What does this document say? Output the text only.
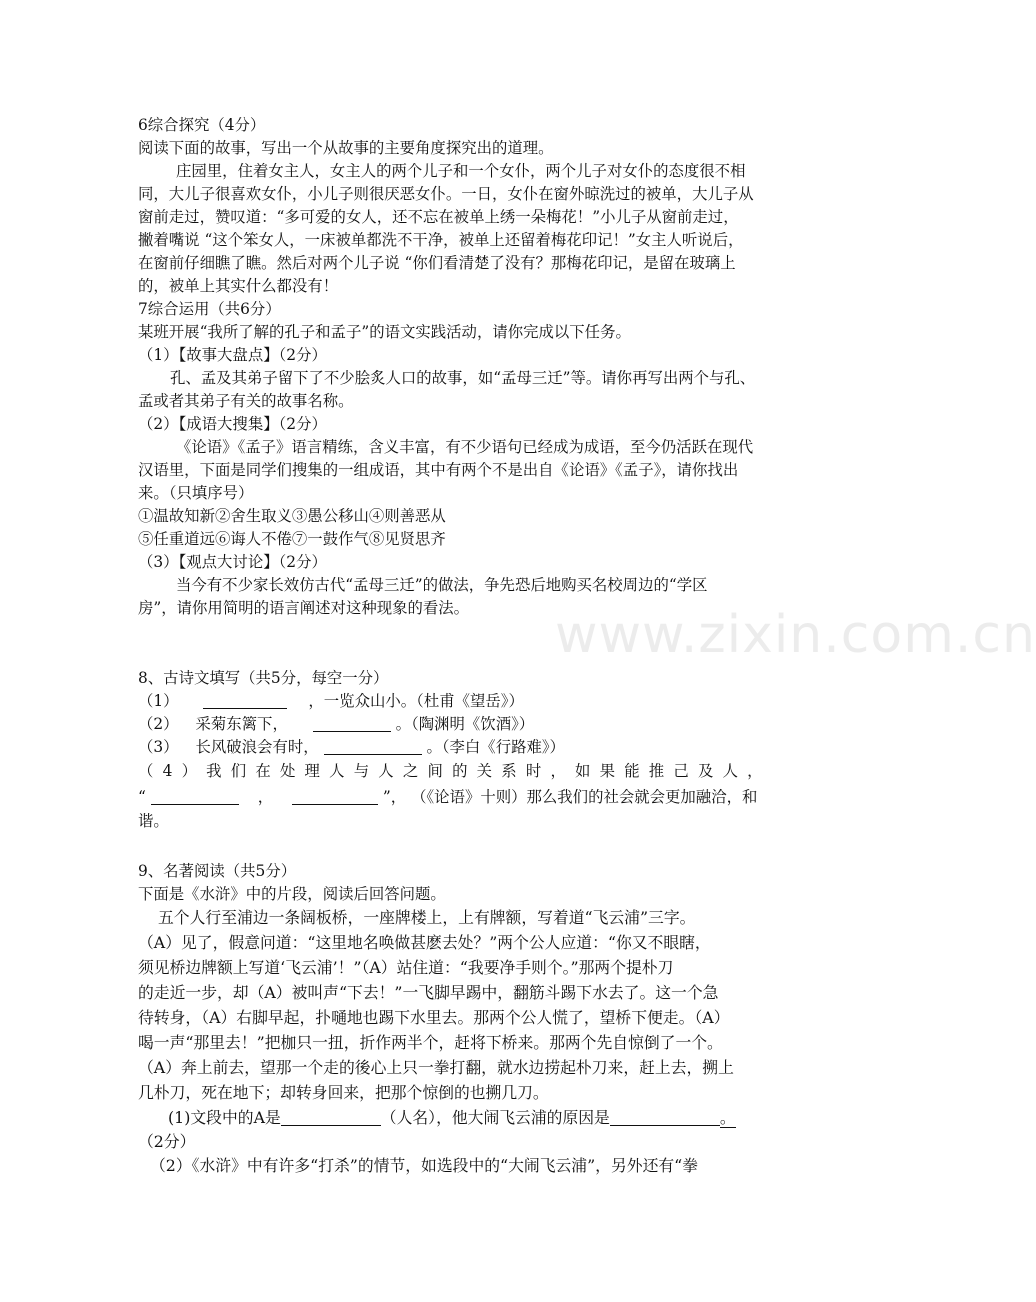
www.zixin.com.cn
6综合探究（4分）
阅读下面的故事，写出一个从故事的主要角度探究出的道理。
庄园里，住着女主人，女主人的两个儿子和一个女仆，两个儿子对女仆的态度很不相
同，大儿子很喜欢女仆，小儿子则很厌恶女仆。一日，女仆在窗外晾洗过的被单，大儿子从
窗前走过，赞叹道：“多可爱的女人，还不忘在被单上绣一朵梅花！”小儿子从窗前走过，
撇着嘴说 “这个笨女人，一床被单都洗不干净，被单上还留着梅花印记！”女主人听说后，
在窗前仔细瞧了瞧。然后对两个儿子说 “你们看清楚了没有？那梅花印记，是留在玻璃上
的，被单上其实什么都没有！
7综合运用（共6分）
某班开展“我所了解的孔子和孟子”的语文实践活动，请你完成以下任务。
（1）【故事大盘点】（2分）
孔、孟及其弟子留下了不少脍炙人口的故事，如“孟母三迁”等。请你再写出两个与孔、
孟或者其弟子有关的故事名称。
（2）【成语大搜集】（2分）
《论语》《孟子》语言精练，含义丰富，有不少语句已经成为成语，至今仍活跃在现代
汉语里，下面是同学们搜集的一组成语，其中有两个不是出自《论语》《孟子》，请你找出
来。（只填序号）
①温故知新②舍生取义③愚公移山④则善恶从
⑤任重道远⑥诲人不倦⑦一鼓作气⑧见贤思齐
（3）【观点大讨论】（2分）
当今有不少家长效仿古代“孟母三迁”的做法，争先恐后地购买名校周边的“学区
房”，请你用简明的语言阐述对这种现象的看法。
8、古诗文填写（共5分，每空一分）
（1）	，一览众山小。（杜甫《望岳》）
（2） 采菊东篱下，	。（陶渊明《饮酒》）
（3） 长风破浪会有时，	。（李白《行路难》）
（4）我们在处理人与人之间的关系时，如果能推己及人，
“	，	”， （《论语》十则）那么我们的社会就会更加融洽，和
谐。
9、名著阅读（共5分）
下面是《水浒》中的片段，阅读后回答问题。
五个人行至浦边一条阔板桥，一座牌楼上，上有牌额，写着道“飞云浦”三字。
（A）见了，假意问道：“这里地名唤做甚麽去处？”两个公人应道：“你又不眼瞎，
须见桥边牌额上写道‘飞云浦’！”（A）站住道：“我要净手则个。”那两个提朴刀
的走近一步，却（A）被叫声“下去！”一飞脚早踢中，翻筋斗踢下水去了。这一个急
待转身，（A）右脚早起，扑嗵地也踢下水里去。那两个公人慌了，望桥下便走。（A）
喝一声“那里去！”把枷只一扭，折作两半个，赶将下桥来。那两个先自惊倒了一个。
（A）奔上前去，望那一个走的後心上只一拳打翻，就水边捞起朴刀来，赶上去，搠上
几朴刀，死在地下；却转身回来，把那个惊倒的也搠几刀。
(1)文段中的A是	（人名），他大闹飞云浦的原因是	。
（2分）
（2）《水浒》中有许多“打杀”的情节，如选段中的“大闹飞云浦”，另外还有“拳
